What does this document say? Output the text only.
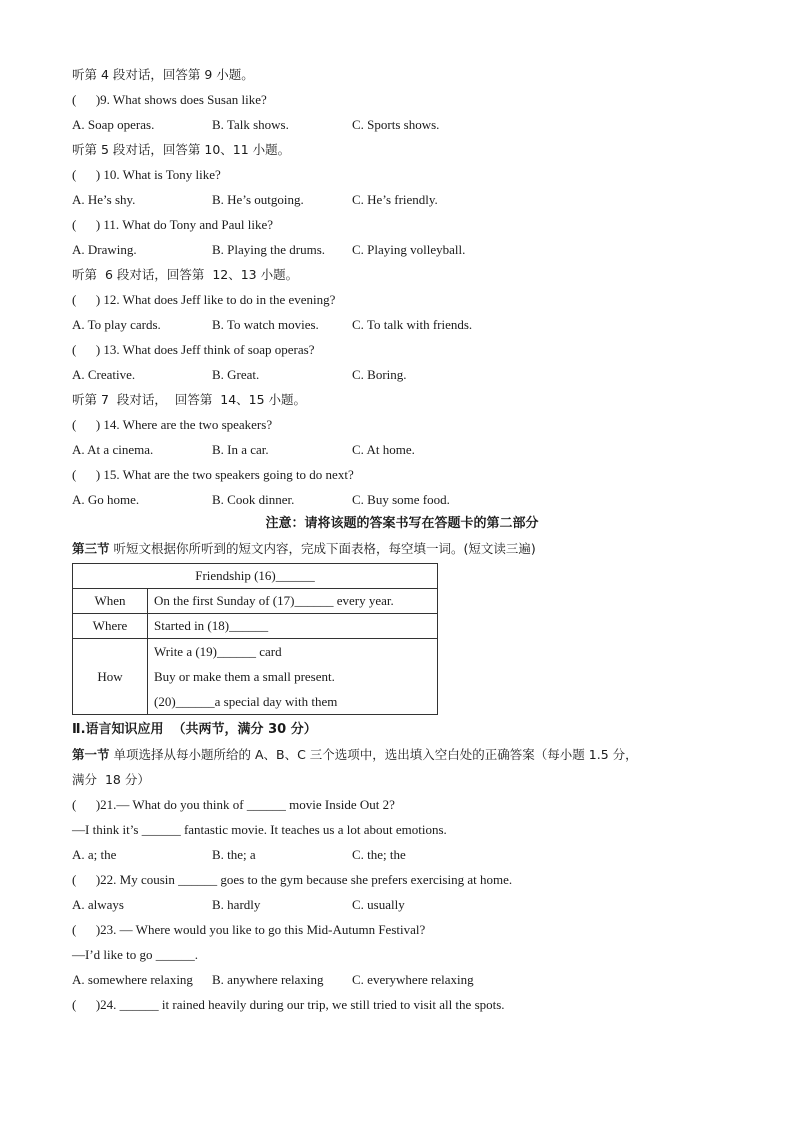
听第 4 段对话，回答第 9 小题。
(      )9. What shows does Susan like?
A. Soap operas.	B. Talk shows.	C. Sports shows.
听第 5 段对话，回答第 10、11 小题。
(      ) 10. What is Tony like?
A. He’s shy.	B. He’s outgoing.	C. He’s friendly.
(      ) 11. What do Tony and Paul like?
A. Drawing.	B. Playing the drums.	C. Playing volleyball.
听第  6 段对话，回答第  12、13 小题。
(      ) 12. What does Jeff like to do in the evening?
A. To play cards.	B. To watch movies.	C. To talk with friends.
(      ) 13. What does Jeff think of soap operas?
A. Creative.	B. Great.	C. Boring.
听第 7  段对话，  回答第  14、15 小题。
(      ) 14. Where are the two speakers?
A. At a cinema.	B. In a car.	C. At home.
(      ) 15. What are the two speakers going to do next?
A. Go home.	B. Cook dinner.	C. Buy some food.
注意：请将该题的答案书写在答题卡的第二部分
第三节 听短文根据你所听到的短文内容，完成下面表格，每空填一词。(短文读三遍)
Friendship (16)______	
When	On the first Sunday of (17)______ every year.
Where	Started in (18)______
How	Write a (19)______ card
Buy or make them a small present.
(20)______a special day with them
Ⅱ.语言知识应用  （共两节，满分 30 分）
第一节 单项选择从每小题所给的 A、B、C 三个选项中，选出填入空白处的正确答案（每小题 1.5 分，
满分  18 分）
(      )21.— What do you think of ______ movie Inside Out 2?
—I think it’s ______ fantastic movie. It teaches us a lot about emotions.
A. a; the	B. the; a	C. the; the
(      )22. My cousin ______ goes to the gym because she prefers exercising at home.
A. always	B. hardly	C. usually
(      )23. — Where would you like to go this Mid-Autumn Festival?
—I’d like to go ______.
A. somewhere relaxing	B. anywhere relaxing	C. everywhere relaxing
(      )24. ______ it rained heavily during our trip, we still tried to visit all the spots.
